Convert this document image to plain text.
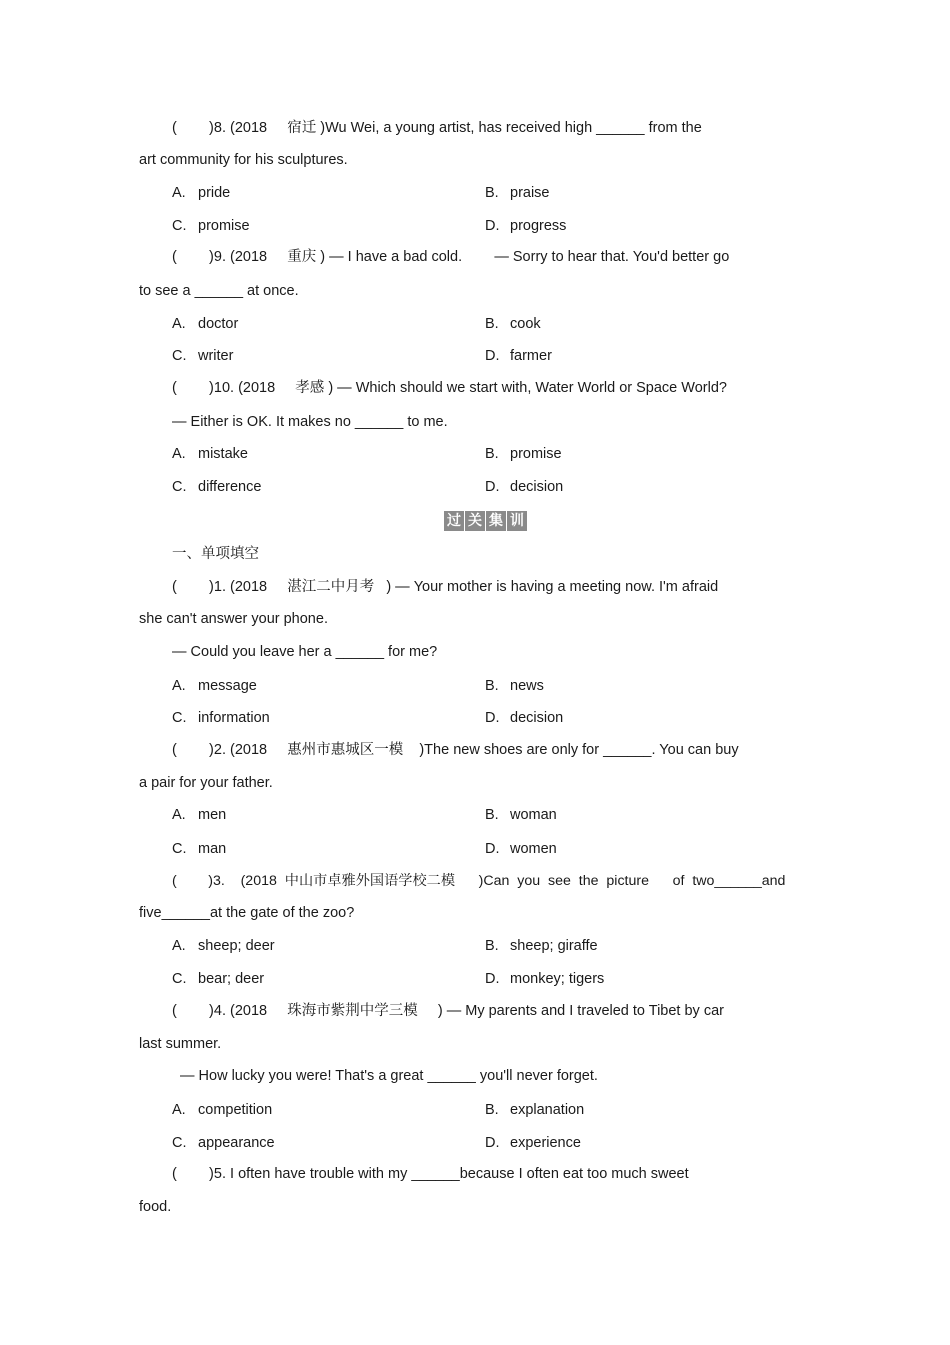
(        )8. (2018     宿迁 )Wu Wei, a young artist, has received high ______ from the
art community for his sculptures.
A. pride	B. praise
C. promise	D. progress
(        )9. (2018     重庆 ) — I have a bad cold.        — Sorry to hear that. You'd better go
to see a ______ at once.
A. doctor	B. cook
C. writer	D. farmer
(        )10. (2018     孝感 ) — Which should we start with, Water World or Space World?
— Either is OK. It makes no ______ to me.
A. mistake	B. promise
C. difference	D. decision
过 关 集 训
一、单项填空
(        )1. (2018     湛江二中月考   ) — Your mother is having a meeting now. I'm afraid
she can't answer your phone.
— Could you leave her a ______ for me?
A. message	B. news
C. information	D. decision
(        )2. (2018     惠州市惠城区一模    )The new shoes are only for ______. You can buy
a pair for your father.
A. men	B. woman
C. man	D. women
(        )3.    (2018  中山市卓雅外国语学校二模      )Can  you  see  the  picture      of  two______and
five______at the gate of the zoo?
A. sheep; deer	B. sheep; giraffe
C. bear; deer	D. monkey; tigers
(        )4. (2018     珠海市紫荆中学三模     ) — My parents and I traveled to Tibet by car
last summer.
— How lucky you were! That's a great ______ you'll never forget.
A. competition	B. explanation
C. appearance	D. experience
(        )5. I often have trouble with my ______because I often eat too much sweet
food.
